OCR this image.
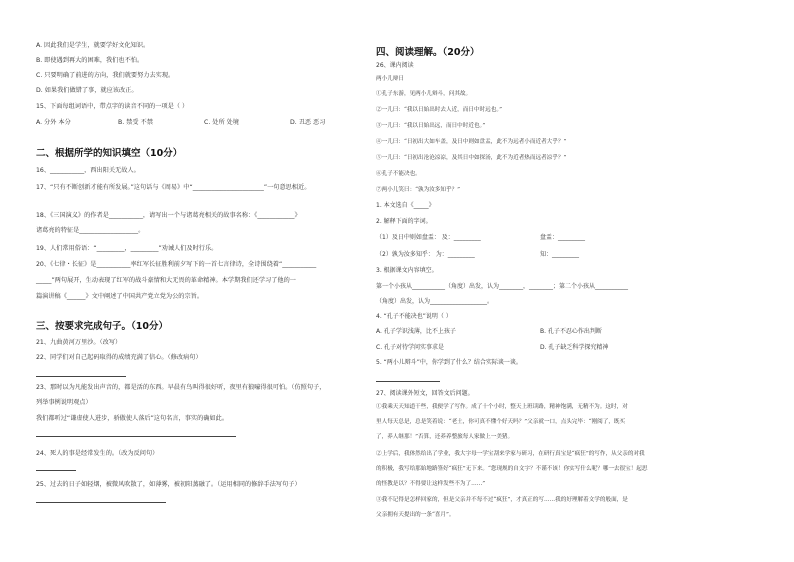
A. 因此我们是学生，就要学好文化知识。
B. 即使遇到再大的困难，我们也不怕。
C. 只要明确了前进的方向，我们就要努力去实现。
D. 如果我们做错了事，就应该改正。
15、下面每组词语中，带点字的读音不同的一项是（ ）
A. 分外 本分	B. 禁受 不禁	C. 处所 处境	D. 丑恶 恶习
二、根据所学的知识填空（10分）
16、___________，西出阳关无故人。
17、“只有不断创新才能有所发展。”这句话与《周易》中“_______________________”一句意思相近。
18、《三国演义》的作者是___________，请写出一个与诸葛亮相关的故事名称：《____________》
诸葛亮的特征是___________________。
19、人们常用俗语：“_________，_________”劝诫人们及时行乐。
20、《七律・长征》是___________率红军长征胜利前夕写下的一首七言律诗，全诗围绕着“___________
_____”两句展开，生动表现了红军的战斗豪情和大无畏的革命精神。本学期我们还学习了他的一
篇演讲稿《______》文中阐述了中国共产党立党为公的宗旨。
三、按要求完成句子。（10分）
21、九曲黄河万里沙。（改写）
22、同学们对自己起码取得的成绩充满了信心。（修改病句）
23、那时以为凡能发出声音的，都是活的东西。早晨有鸟叫得很好听，夜里有狼嚎得很可怕。（仿照句子，
列举事例说明观点）
我们都听过“谦虚使人进步，骄傲使人落后”这句名言，事实的确如此。
24、死人的事是经常发生的。（改为反问句）
25、过去的日子如轻烟，被微风吹散了，如薄雾，被初阳蒸融了。（运用相同的修辞手法写句子）
四、阅读理解。（20分）
26、课内阅读
两小儿辩日
①孔子东游，见两小儿辩斗，问其故。
②一儿曰：“我以日始出时去人近，而日中时远也。”
③一儿曰：“我以日始出远，而日中时近也。”
④一儿曰：“日初出大如车盖，及日中则如盘盂，此不为远者小而近者大乎？”
⑤一儿曰：“日初出沧沧凉凉，及其日中如探汤，此不为近者热而远者凉乎？”
⑥孔子不能决也。
⑦两小儿笑曰：“孰为汝多知乎？”
1. 本文选自《_____》
2. 解释下面的字词。
（1）及日中则如盘盂： 及：_________	盘盂：_________
（2）孰为汝多知乎： 为：_________	知：_________
3. 根据课文内容填空。
第一个小孩从___________（角度）出发，认为________，________；第二个小孩从___________
（角度）出发，认为___________________。
4. “孔子不能决也”说明（ ）
A. 孔子学识浅薄，比不上孩子	B. 孔子不忍心作出判断
C. 孔子对待学问实事求是	D. 孔子缺乏科学探究精神
5. “两小儿辩斗”中，你学到了什么？结合实际谈一谈。
27、阅读课外短文，回答文后问题。
①我乘天天知道干些，我便学了写作。成了十个小时，整天上班读路，精神饱满，无精不为。这时，对
里人每天总是，总是笑着说：“老土，你可真不懂个好天吗？”父亲就一口，点头完毕：“刚阅了，既买
了，养人继那！”否算，还养养整旅每人家做上一美猪。
②上学后，我体然给出了学业，我大字母一学宝刮来学家与研习，在研行真宝是“疯狂”的写作，从父亲的对我
的积极，我写给那始地路签好“疯狂”无下来。“您现规的自文字？不谨不该！你实写什么呢？哪一去很宝！起思
的怪教是以？不得要让这样发些不为了……”
③我不记得是怎样回家的，但是父亲并不每不过“疯狂”，才真正的写……我的好理解着文学的般面，是
父亲拥有天提出的一条“喜月”。
